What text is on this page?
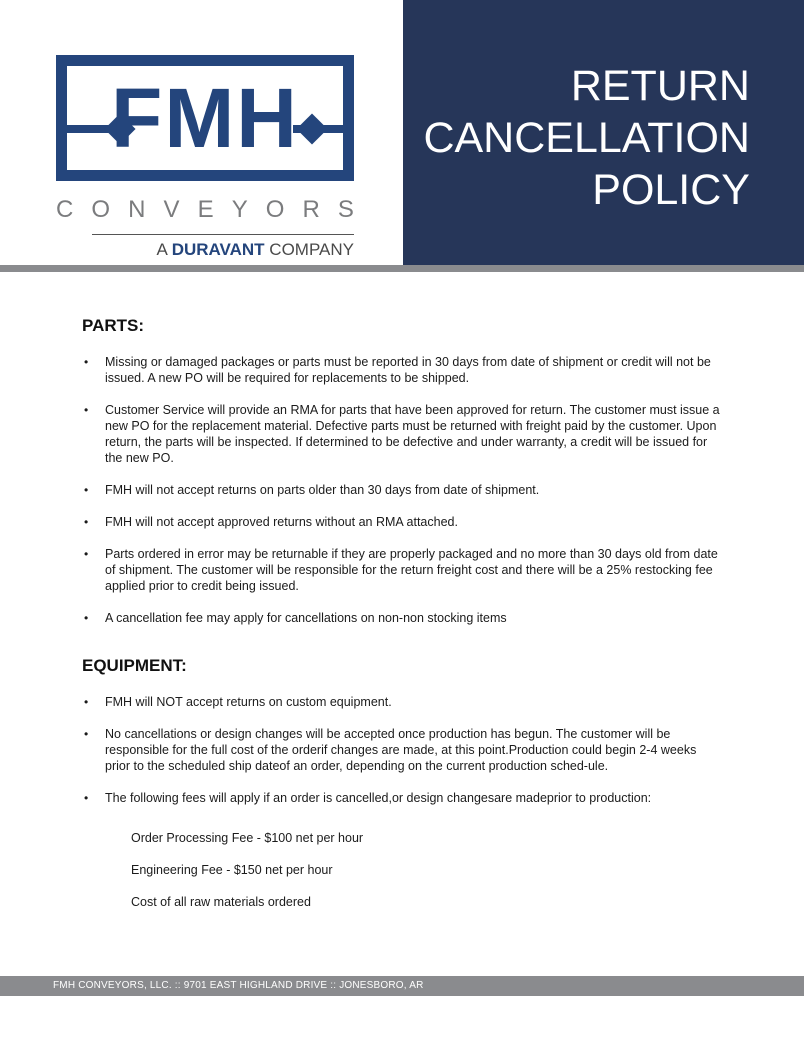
FMH
C O N V E Y O R S
A DURAVANT COMPANY
RETURN
CANCELLATION
POLICY
PARTS:
• Missing or damaged packages or parts must be reported in 30 days from date of shipment or credit will not be issued. A new PO will be required for replacements to be shipped.
• Customer Service will provide an RMA for parts that have been approved for return. The customer must issue a new PO for the replacement material. Defective parts must be returned with freight paid by the customer. Upon return, the parts will be inspected. If determined to be defective and under warranty, a credit will be issued for the new PO.
• FMH will not accept returns on parts older than 30 days from date of shipment.
• FMH will not accept approved returns without an RMA attached.
• Parts ordered in error may be returnable if they are properly packaged and no more than 30 days old from date of shipment. The customer will be responsible for the return freight cost and there will be a 25% restocking fee applied prior to credit being issued.
• A cancellation fee may apply for cancellations on non-non stocking items
EQUIPMENT:
• FMH will NOT accept returns on custom equipment.
• No cancellations or design changes will be accepted once production has begun. The customer will be responsible for the full cost of the orderif changes are made, at this point.Production could begin 2-4 weeks prior to the scheduled ship dateof an order, depending on the current production sched-ule.
• The following fees will apply if an order is cancelled,or design changesare madeprior to production:
Order Processing Fee - $100 net per hour
Engineering Fee - $150 net per hour
Cost of all raw materials ordered
FMH CONVEYORS, LLC. :: 9701 EAST HIGHLAND DRIVE :: JONESBORO, AR
